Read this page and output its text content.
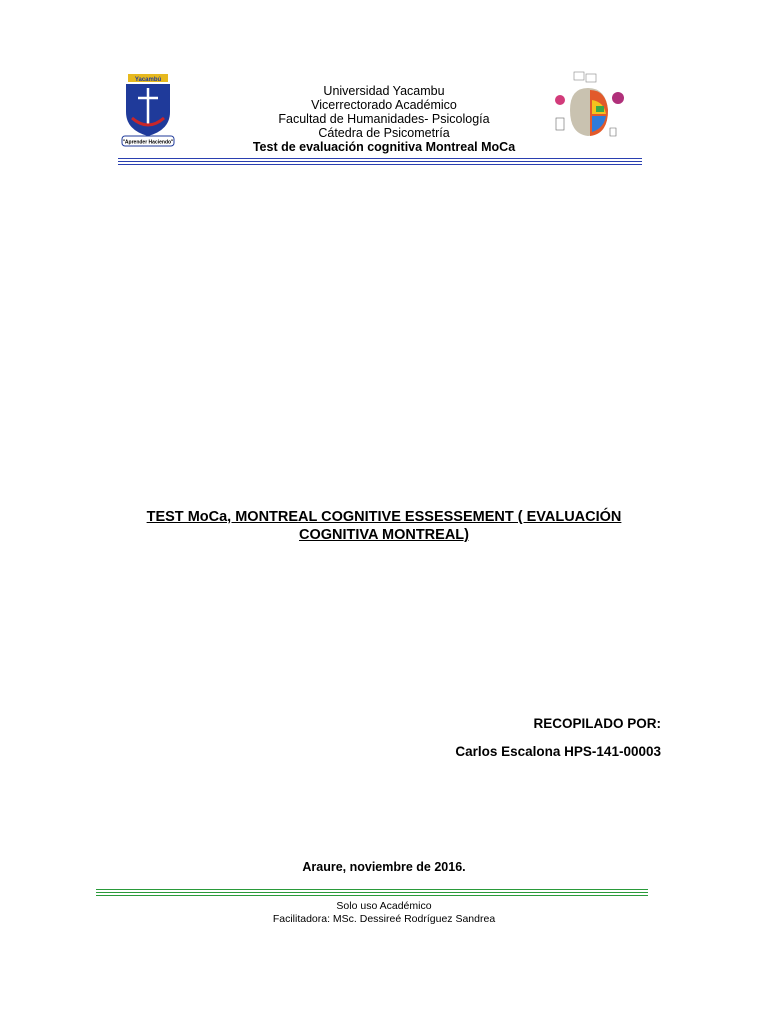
Yacambú
"Aprender Haciendo"
Universidad Yacambu
Vicerrectorado Académico
Facultad de Humanidades- Psicología
Cátedra de Psicometría
Test de evaluación cognitiva Montreal MoCa
TEST MoCa, MONTREAL COGNITIVE ESSESSEMENT ( EVALUACIÓN
COGNITIVA MONTREAL)
RECOPILADO POR:
Carlos Escalona HPS-141-00003
Araure, noviembre de 2016.
Solo uso Académico
Facilitadora: MSc. Dessireé Rodríguez Sandrea
